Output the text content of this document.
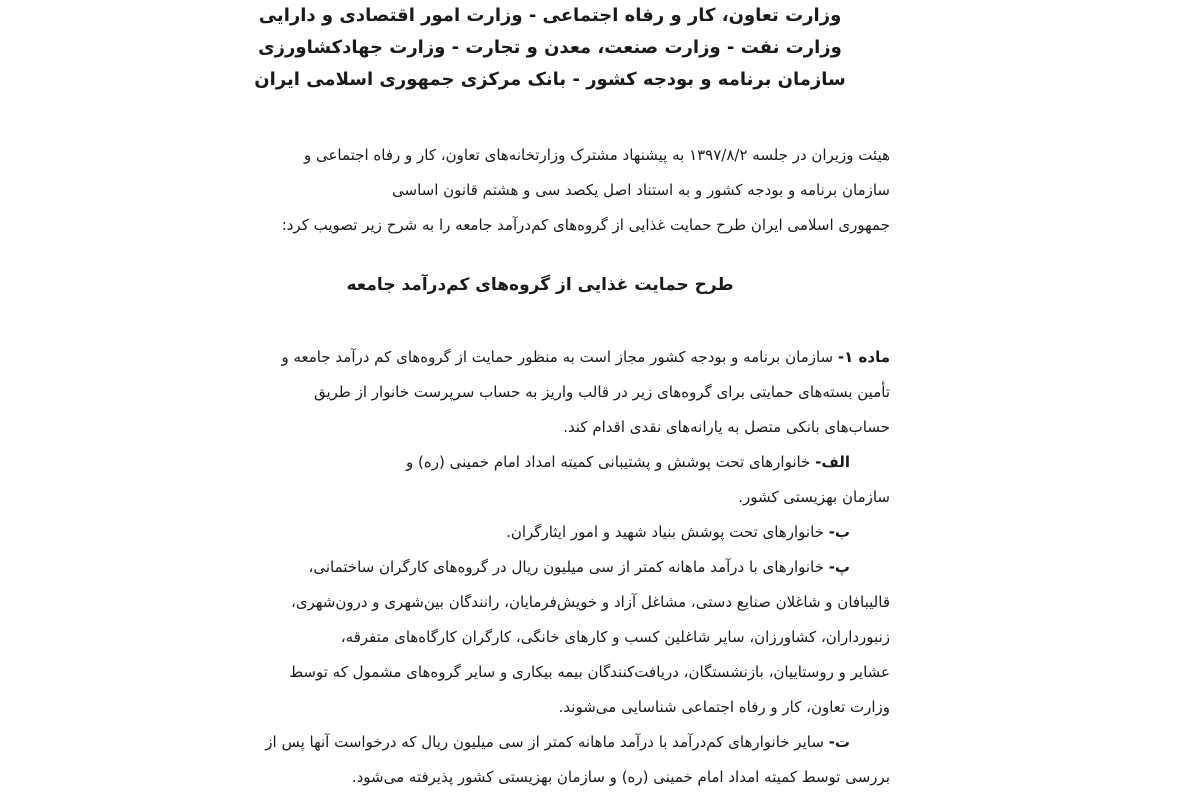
وزارت تعاون، کار و رفاه اجتماعی - وزارت امور اقتصادی و دارایی
وزارت نفت - وزارت صنعت، معدن و تجارت - وزارت جهادکشاورزی
سازمان برنامه و بودجه کشور - بانک مرکزی جمهوری اسلامی ایران

هیئت وزیران در جلسه ۱۳۹۷/۸/۲ به پیشنهاد مشترک وزارتخانه‌های تعاون، کار و رفاه اجتماعی و

سازمان برنامه و بودجه کشور و به استناد اصل یکصد سی و هشتم قانون اساسی

جمهوری اسلامی ایران طرح حمایت غذایی از گروه‌های کم‌درآمد جامعه را به شرح زیر تصویب کرد:

طرح حمایت غذایی از گروه‌های کم‌درآمد جامعه

ماده ۱- سازمان برنامه و بودجه کشور مجاز است به منظور حمایت از گروه‌های کم درآمد جامعه و

تأمین بسته‌های حمایتی برای گروه‌های زیر در قالب واریز به حساب سرپرست خانوار از طریق

حساب‌های بانکی متصل به یارانه‌های نقدی اقدام کند.

الف- خانوارهای تحت پوشش و پشتیبانی کمیته امداد امام خمینی (ره) و

سازمان بهزیستی کشور.

ب- خانوارهای تحت پوشش بنیاد شهید و امور ایثارگران.

پ- خانوارهای با درآمد ماهانه کمتر از سی میلیون ریال در گروه‌های کارگران ساختمانی،

قالیبافان و شاغلان صنایع دستی، مشاغل آزاد و خویش‌فرمایان، رانندگان بین‌شهری و درون‌شهری،

زنبورداران، کشاورزان، سایر شاغلین کسب و کارهای خانگی، کارگران کارگاه‌های متفرقه،

عشایر و روستاییان، بازنشستگان، دریافت‌کنندگان بیمه بیکاری و سایر گروه‌های مشمول که توسط

وزارت تعاون، کار و رفاه اجتماعی شناسایی می‌شوند.

ت- سایر خانوارهای کم‌درآمد با درآمد ماهانه کمتر از سی میلیون ریال که درخواست آنها پس از

بررسی توسط کمیته امداد امام خمینی (ره) و سازمان بهزیستی کشور پذیرفته می‌شود.
